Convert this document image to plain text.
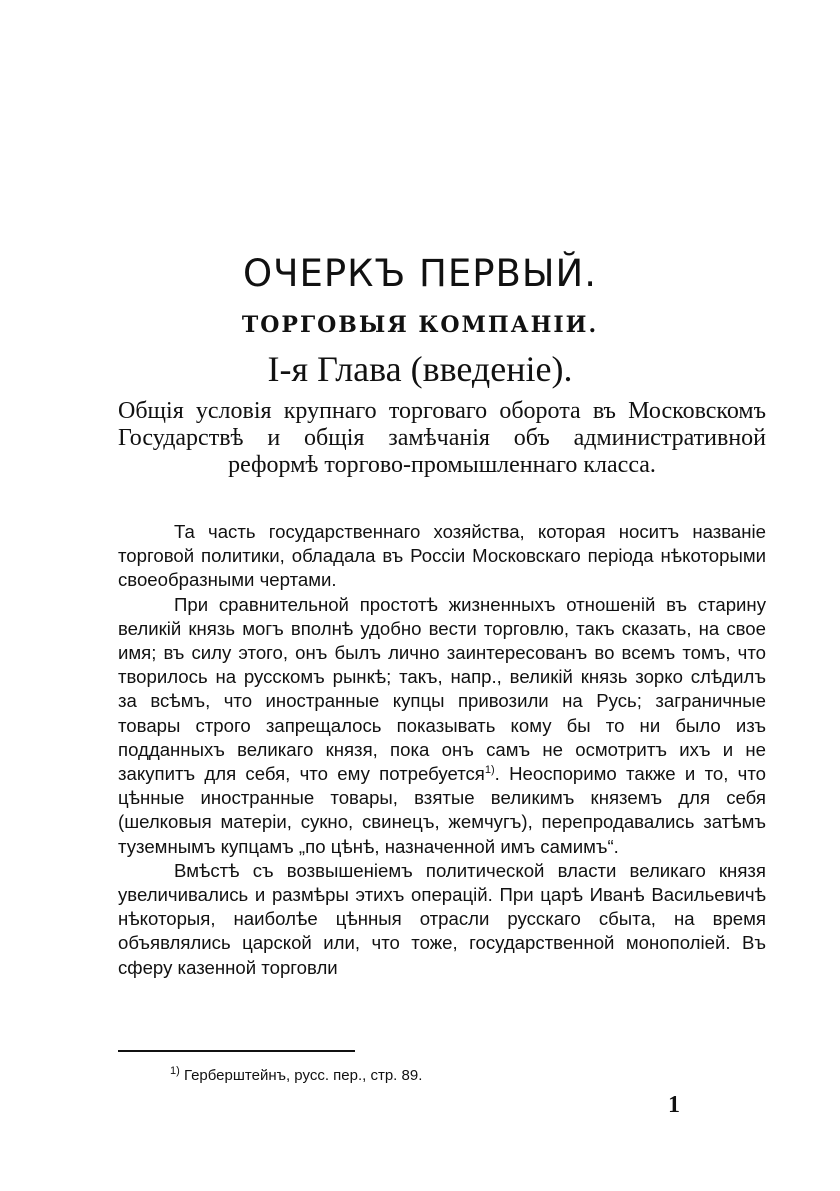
ОЧЕРКЪ ПЕРВЫЙ.
ТОРГОВЫЯ КОМПАНІИ.
І-я Глава (введеніе).
Общія условія крупнаго торговаго оборота въ Московскомъ Государствѣ и общія замѣчанія объ административной реформѣ торгово-промышленнаго класса.

Та часть государственнаго хозяйства, которая носитъ названіе торговой политики, обладала въ Россіи Московскаго періода нѣкоторыми своеобразными чертами.

При сравнительной простотѣ жизненныхъ отношеній въ старину великій князь могъ вполнѣ удобно вести торговлю, такъ сказать, на свое имя; въ силу этого, онъ былъ лично заинтересованъ во всемъ томъ, что творилось на русскомъ рынкѣ; такъ, напр., великій князь зорко слѣдилъ за всѣмъ, что иностранные купцы привозили на Русь; заграничные товары строго запрещалось показывать кому бы то ни было изъ подданныхъ великаго князя, пока онъ самъ не осмотритъ ихъ и не закупитъ для себя, что ему потребуется$^{1)}$. Неоспоримо также и то, что цѣнные иностранные товары, взятые великимъ княземъ для себя (шелковыя матеріи, сукно, свинецъ, жемчугъ), перепродавались затѣмъ туземнымъ купцамъ „по цѣнѣ, назначенной имъ самимъ“.

Вмѣстѣ съ возвышеніемъ политической власти великаго князя увеличивались и размѣры этихъ операцій. При царѣ Иванѣ Васильевичѣ нѣкоторыя, наиболѣе цѣнныя отрасли русскаго сбыта, на время объявлялись царской или, что тоже, государственной монополіей. Въ сферу казенной торговли

$^{1)}$ Герберштейнъ, русс. пер., стр. 89.
1
